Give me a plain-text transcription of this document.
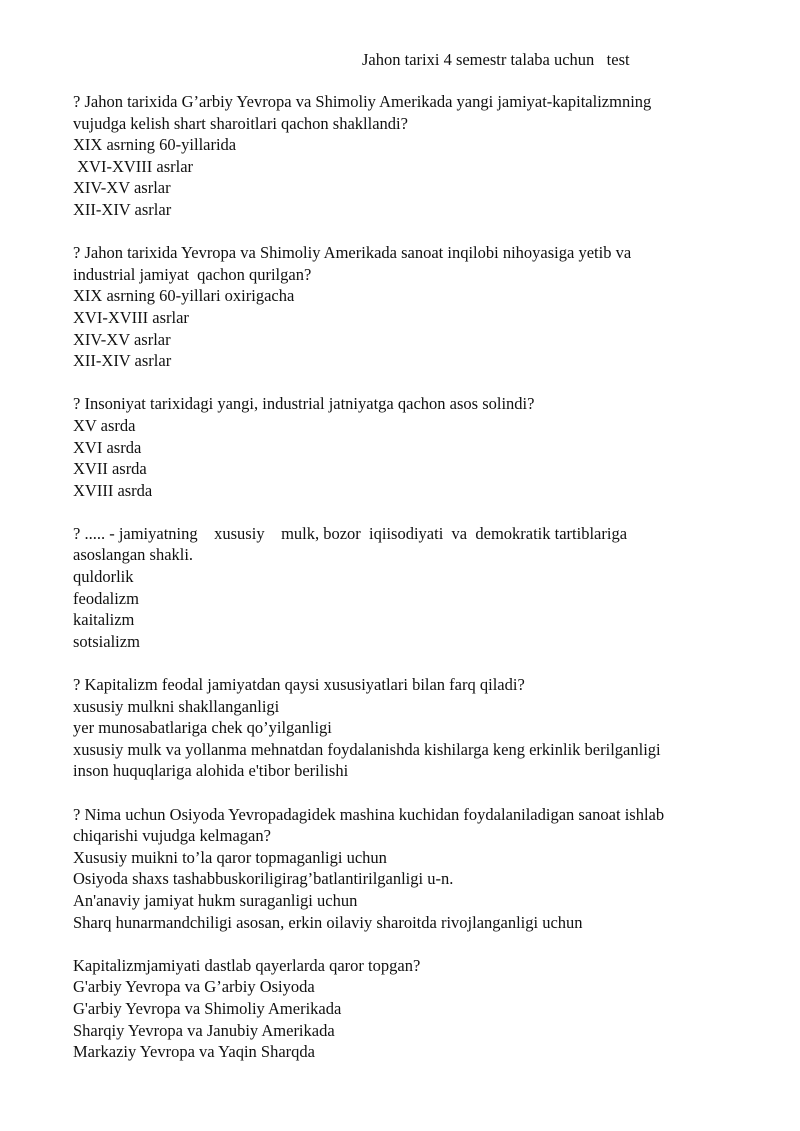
Jahon tarixi 4 semestr talaba uchun   test
? Jahon tarixida G’arbiy Yevropa va Shimoliy Amerikada yangi jamiyat-kapitalizmning
vujudga kelish shart sharoitlari qachon shakllandi?
XIX asrning 60-yillarida
XVI-XVIII asrlar
XIV-XV asrlar
XII-XIV asrlar
? Jahon tarixida Yevropa va Shimoliy Amerikada sanoat inqilobi nihoyasiga yetib va
industrial jamiyat  qachon qurilgan?
XIX asrning 60-yillari oxirigacha
XVI-XVIII asrlar
XIV-XV asrlar
XII-XIV asrlar
? Insoniyat tarixidagi yangi, industrial jatniyatga qachon asos solindi?
XV asrda
XVI asrda
XVII asrda
XVIII asrda
? ..... - jamiyatning    xususiy    mulk, bozor  iqiisodiyati  va  demokratik tartiblariga
asoslangan shakli.
quldorlik
feodalizm
kaitalizm
sotsializm
? Kapitalizm feodal jamiyatdan qaysi xususiyatlari bilan farq qiladi?
xususiy mulkni shakllanganligi
yer munosabatlariga chek qo’yilganligi
xususiy mulk va yollanma mehnatdan foydalanishda kishilarga keng erkinlik berilganligi
inson huquqlariga alohida e'tibor berilishi
? Nima uchun Osiyoda Yevropadagidek mashina kuchidan foydalaniladigan sanoat ishlab
chiqarishi vujudga kelmagan?
Xususiy muikni to’la qaror topmaganligi uchun
Osiyoda shaxs tashabbuskoriligirag’batlantirilganligi u-n.
An'anaviy jamiyat hukm suraganligi uchun
Sharq hunarmandchiligi asosan, erkin oilaviy sharoitda rivojlanganligi uchun
Kapitalizmjamiyati dastlab qayerlarda qaror topgan?
G'arbiy Yevropa va G’arbiy Osiyoda
G'arbiy Yevropa va Shimoliy Amerikada
Sharqiy Yevropa va Janubiy Amerikada
Markaziy Yevropa va Yaqin Sharqda
